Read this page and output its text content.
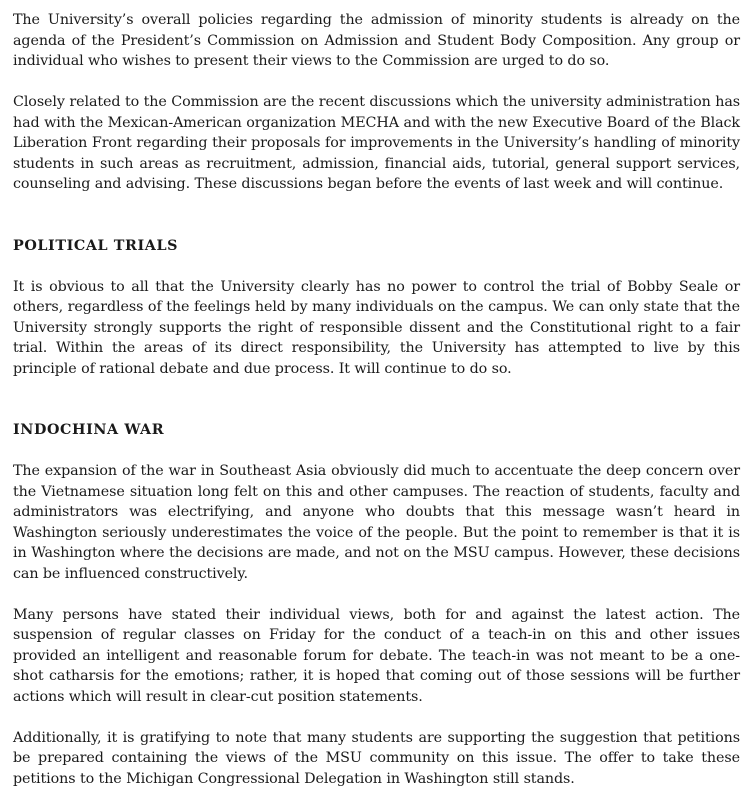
The University’s overall policies regarding the admission of minority students is already on the agenda of the President’s Commission on Admission and Student Body Composition. Any group or individual who wishes to present their views to the Commission are urged to do so.

Closely related to the Commission are the recent discussions which the university administration has had with the Mexican-American organization MECHA and with the new Executive Board of the Black Liberation Front regarding their proposals for improvements in the University’s handling of minority students in such areas as recruitment, admission, financial aids, tutorial, general support services, counseling and advising. These discussions began before the events of last week and will continue.

POLITICAL TRIALS

It is obvious to all that the University clearly has no power to control the trial of Bobby Seale or others, regardless of the feelings held by many individuals on the campus. We can only state that the University strongly supports the right of responsible dissent and the Constitutional right to a fair trial. Within the areas of its direct responsibility, the University has attempted to live by this principle of rational debate and due process. It will continue to do so.

INDOCHINA WAR

The expansion of the war in Southeast Asia obviously did much to accentuate the deep concern over the Vietnamese situation long felt on this and other campuses. The reaction of students, faculty and administrators was electrifying, and anyone who doubts that this message wasn’t heard in Washington seriously underestimates the voice of the people. But the point to remember is that it is in Washington where the decisions are made, and not on the MSU campus. However, these decisions can be influenced constructively.

Many persons have stated their individual views, both for and against the latest action. The suspension of regular classes on Friday for the conduct of a teach-in on this and other issues provided an intelligent and reasonable forum for debate. The teach-in was not meant to be a one-shot catharsis for the emotions; rather, it is hoped that coming out of those sessions will be further actions which will result in clear-cut position statements.

Additionally, it is gratifying to note that many students are supporting the suggestion that petitions be prepared containing the views of the MSU community on this issue. The offer to take these petitions to the Michigan Congressional Delegation in Washington still stands.
